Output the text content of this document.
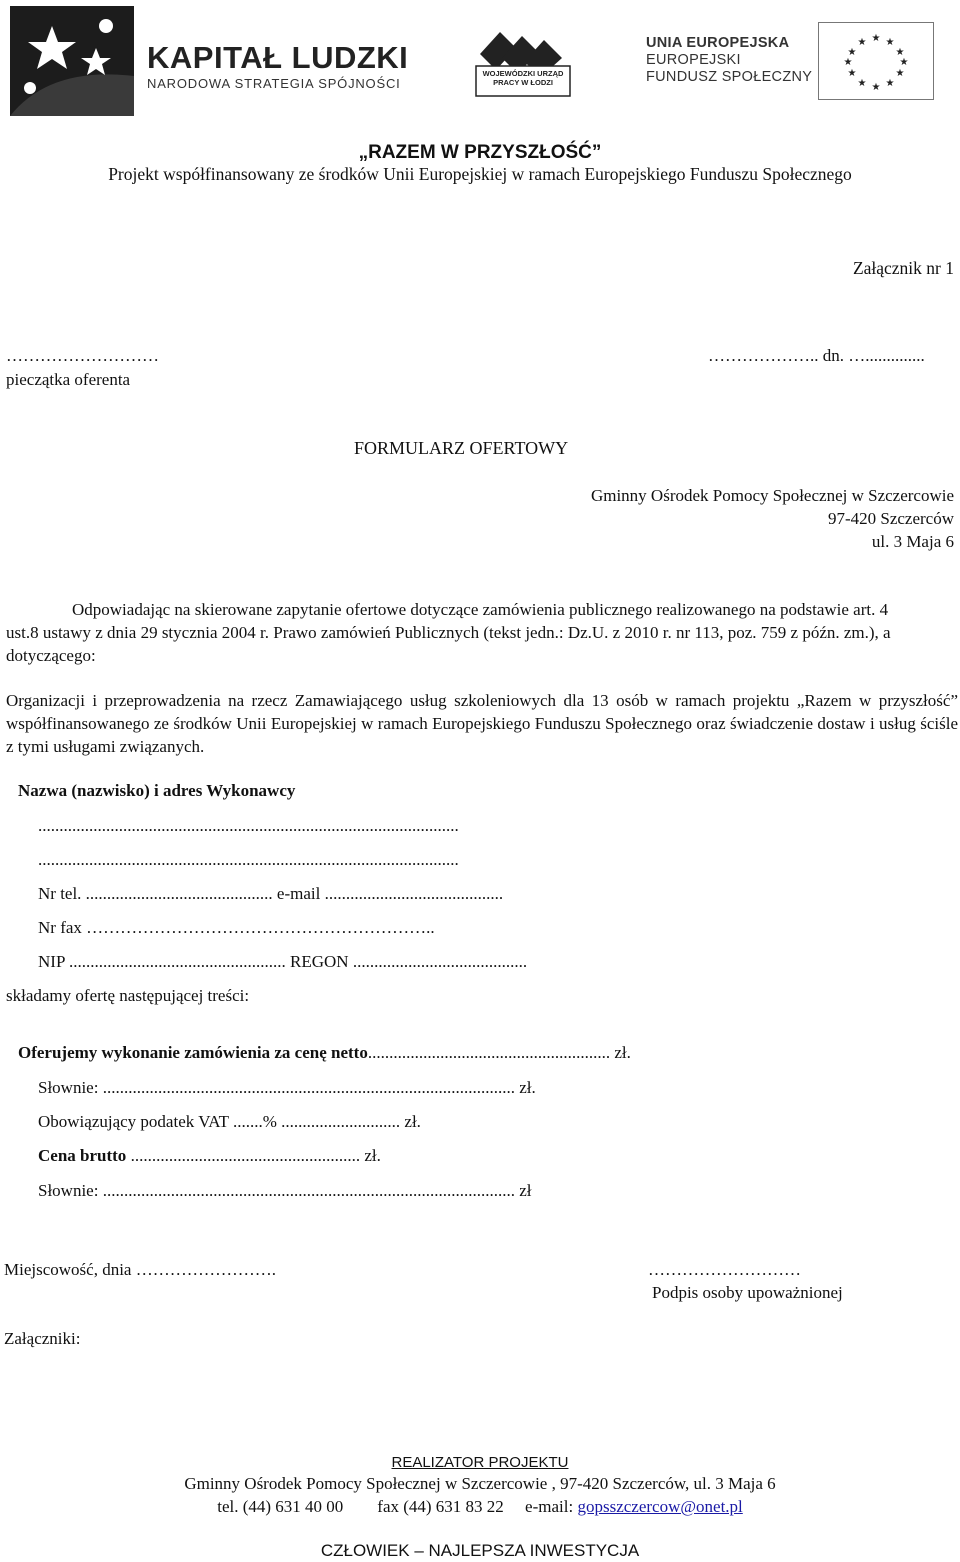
KAPITAŁ LUDZKI
NARODOWA STRATEGIA SPÓJNOŚCI
WOJEWÓDZKI URZĄD PRACY W ŁODZI
UNIA EUROPEJSKA
EUROPEJSKI
FUNDUSZ SPOŁECZNY
★ ★
★
★
★
★
★
★
★
★
★
★
„RAZEM W PRZYSZŁOŚĆ”
Projekt współfinansowany ze środków Unii Europejskiej w ramach Europejskiego Funduszu Społecznego
Załącznik nr 1
………………………
pieczątka oferenta
……………….. dn. …..............
FORMULARZ OFERTOWY
Gminny Ośrodek Pomocy Społecznej w Szczercowie
97-420 Szczerców
ul. 3 Maja 6
Odpowiadając na skierowane zapytanie ofertowe dotyczące zamówienia publicznego realizowanego na podstawie art. 4 ust.8 ustawy z dnia 29 stycznia 2004 r. Prawo zamówień Publicznych (tekst jedn.: Dz.U. z 2010 r. nr 113, poz. 759 z późn. zm.), a dotyczącego:
Organizacji i przeprowadzenia na rzecz Zamawiającego usług szkoleniowych dla 13 osób w ramach projektu „Razem w przyszłość” współfinansowanego ze środków Unii Europejskiej w ramach Europejskiego Funduszu Społecznego oraz świadczenie dostaw i usług ściśle z tymi usługami związanych.
Nazwa (nazwisko) i adres Wykonawcy
...................................................................................................
...................................................................................................
Nr tel. ............................................ e-mail ..........................................
Nr fax ……………………………………………………..
NIP ................................................... REGON .........................................
składamy ofertę następującej treści:
Oferujemy wykonanie zamówienia za cenę netto......................................................... zł.
Słownie: ................................................................................................. zł.
Obowiązujący podatek VAT .......% ............................ zł.
Cena brutto ...................................................... zł.
Słownie: ................................................................................................. zł
Miejscowość, dnia …………………….	………………………
Podpis osoby upoważnionej
Załączniki:
REALIZATOR PROJEKTU
Gminny Ośrodek Pomocy Społecznej w Szczercowie , 97-420 Szczerców, ul. 3 Maja 6
tel. (44) 631 40 00        fax (44) 631 83 22     e-mail: gopsszczercow@onet.pl
CZŁOWIEK – NAJLEPSZA INWESTYCJA
